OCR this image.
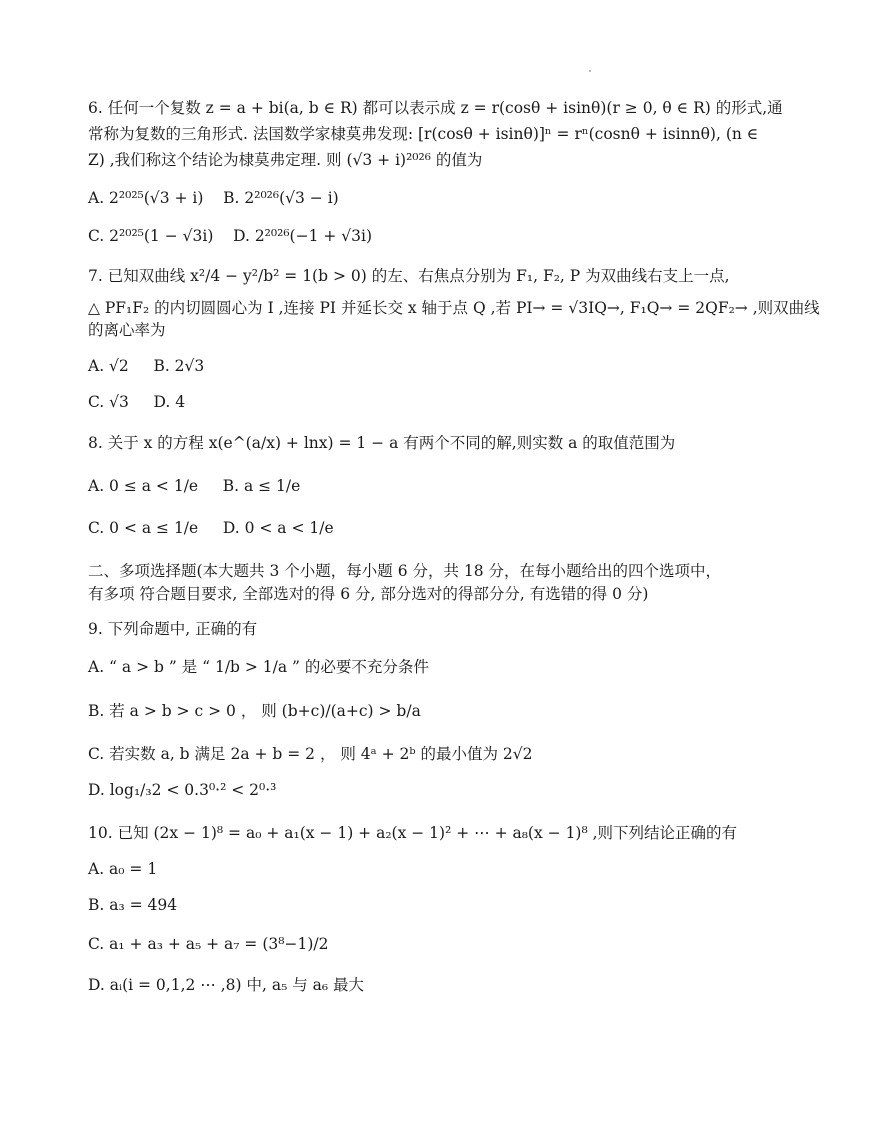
6. 任何一个复数 z = a + bi(a, b ∈ R) 都可以表示成 z = r(cosθ + isinθ)(r ≥ 0, θ ∈ R) 的形式,通
常称为复数的三角形式. 法国数学家棣莫弗发现: [r(cosθ + isinθ)]ⁿ = rⁿ(cosnθ + isinnθ), (n ∈
Z) ,我们称这个结论为棣莫弗定理. 则 (√3 + i)²⁰²⁶ 的值为
A. 2²⁰²⁵(√3 + i) B. 2²⁰²⁶(√3 − i)
C. 2²⁰²⁵(1 − √3i) D. 2²⁰²⁶(−1 + √3i)
7. 已知双曲线 x²/4 − y²/b² = 1(b > 0) 的左、右焦点分别为 F₁, F₂, P 为双曲线右支上一点,
△ PF₁F₂ 的内切圆圆心为 I ,连接 PI 并延长交 x 轴于点 Q ,若 PI→ = √3IQ→, F₁Q→ = 2QF₂→ ,则双曲线
的离心率为
A. √2 B. 2√3
C. √3 D. 4
8. 关于 x 的方程 x(e^(a/x) + lnx) = 1 − a 有两个不同的解,则实数 a 的取值范围为
A. 0 ≤ a < 1/e B. a ≤ 1/e
C. 0 < a ≤ 1/e D. 0 < a < 1/e
二、多项选择题(本大题共 3 个小题，每小题 6 分，共 18 分，在每小题给出的四个选项中，
有多项 符合题目要求, 全部选对的得 6 分, 部分选对的得部分分, 有选错的得 0 分)
9. 下列命题中, 正确的有
A. “ a > b ” 是 “ 1/b > 1/a ” 的必要不充分条件
B. 若 a > b > c > 0 ， 则 (b+c)/(a+c) > b/a
C. 若实数 a, b 满足 2a + b = 2 ， 则 4ᵃ + 2ᵇ 的最小值为 2√2
D. log₁/₃2 < 0.3⁰·² < 2⁰·³
10. 已知 (2x − 1)⁸ = a₀ + a₁(x − 1) + a₂(x − 1)² + ⋯ + a₈(x − 1)⁸ ,则下列结论正确的有
A. a₀ = 1
B. a₃ = 494
C. a₁ + a₃ + a₅ + a₇ = (3⁸−1)/2
D. aᵢ(i = 0,1,2 ⋯ ,8) 中, a₅ 与 a₆ 最大
